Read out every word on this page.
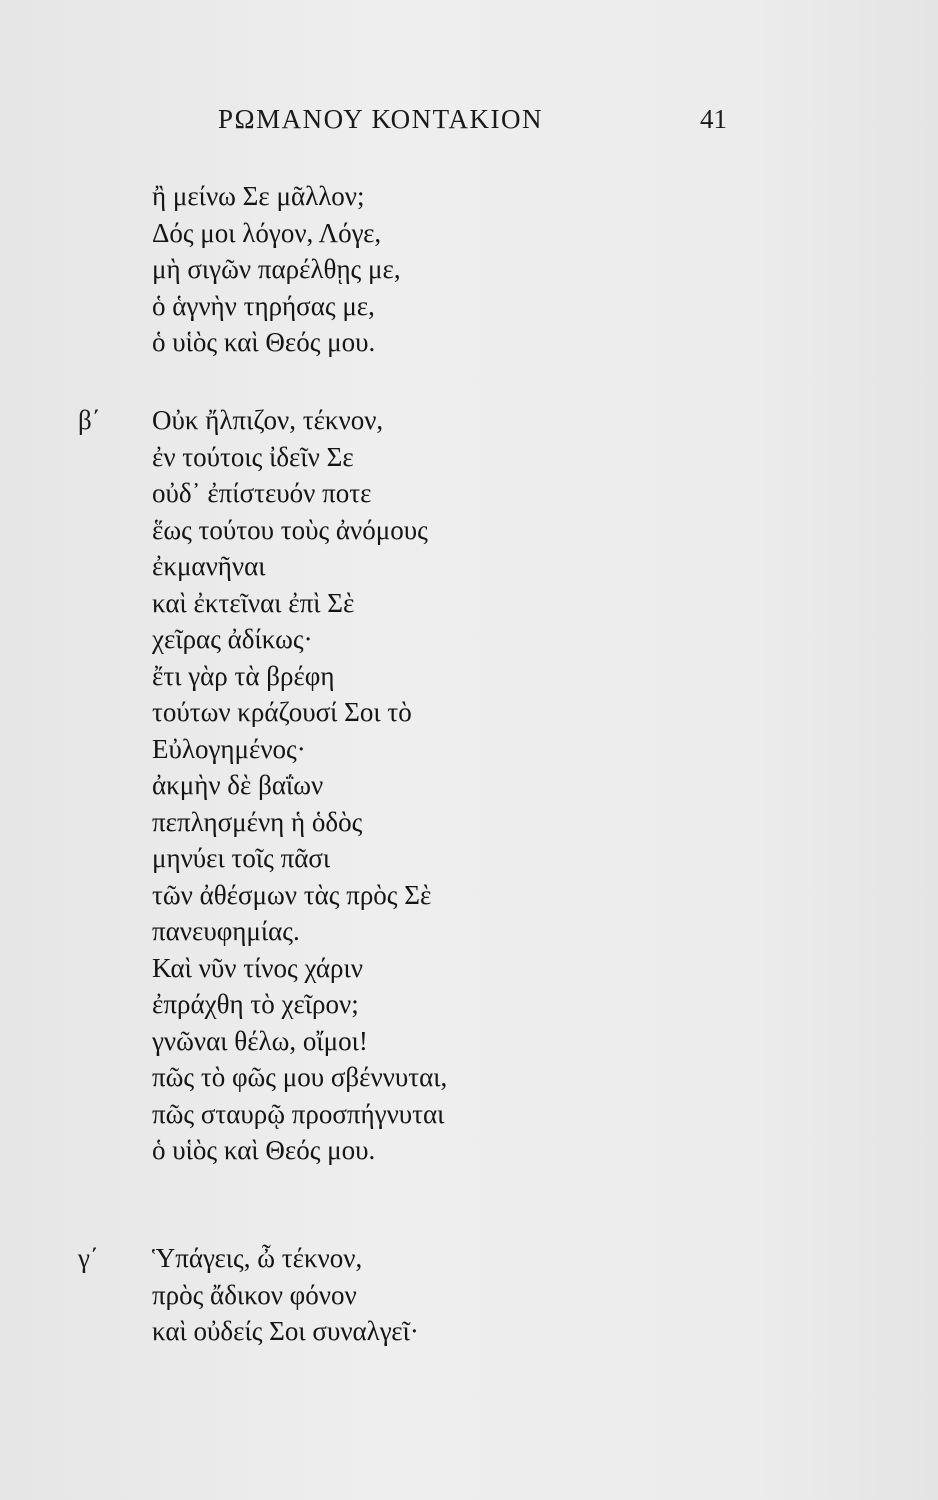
ΡΩΜΑΝΟΥ ΚΟΝΤΑΚΙΟΝ	41
ἢ μείνω Σε μᾶλλον;
Δός μοι λόγον, Λόγε,
μὴ σιγῶν παρέλθῃς με,
ὁ ἁγνὴν τηρήσας με,
ὁ υἱὸς καὶ Θεός μου.
β΄ Οὐκ ἤλπιζον, τέκνον,
ἐν τούτοις ἰδεῖν Σε
οὐδ᾽ ἐπίστευόν ποτε
ἕως τούτου τοὺς ἀνόμους
ἐκμανῆναι
καὶ ἐκτεῖναι ἐπὶ Σὲ
χεῖρας ἀδίκως·
ἔτι γὰρ τὰ βρέφη
τούτων κράζουσί Σοι τὸ
Εὐλογημένος·
ἀκμὴν δὲ βαΐων
πεπλησμένη ἡ ὁδὸς
μηνύει τοῖς πᾶσι
τῶν ἀθέσμων τὰς πρὸς Σὲ
πανευφημίας.
Καὶ νῦν τίνος χάριν
ἐπράχθη τὸ χεῖρον;
γνῶναι θέλω, οἴμοι!
πῶς τὸ φῶς μου σβέννυται,
πῶς σταυρῷ προσπήγνυται
ὁ υἱὸς καὶ Θεός μου.
γ΄ Ὑπάγεις, ὦ τέκνον,
πρὸς ἄδικον φόνον
καὶ οὐδείς Σοι συναλγεῖ·
